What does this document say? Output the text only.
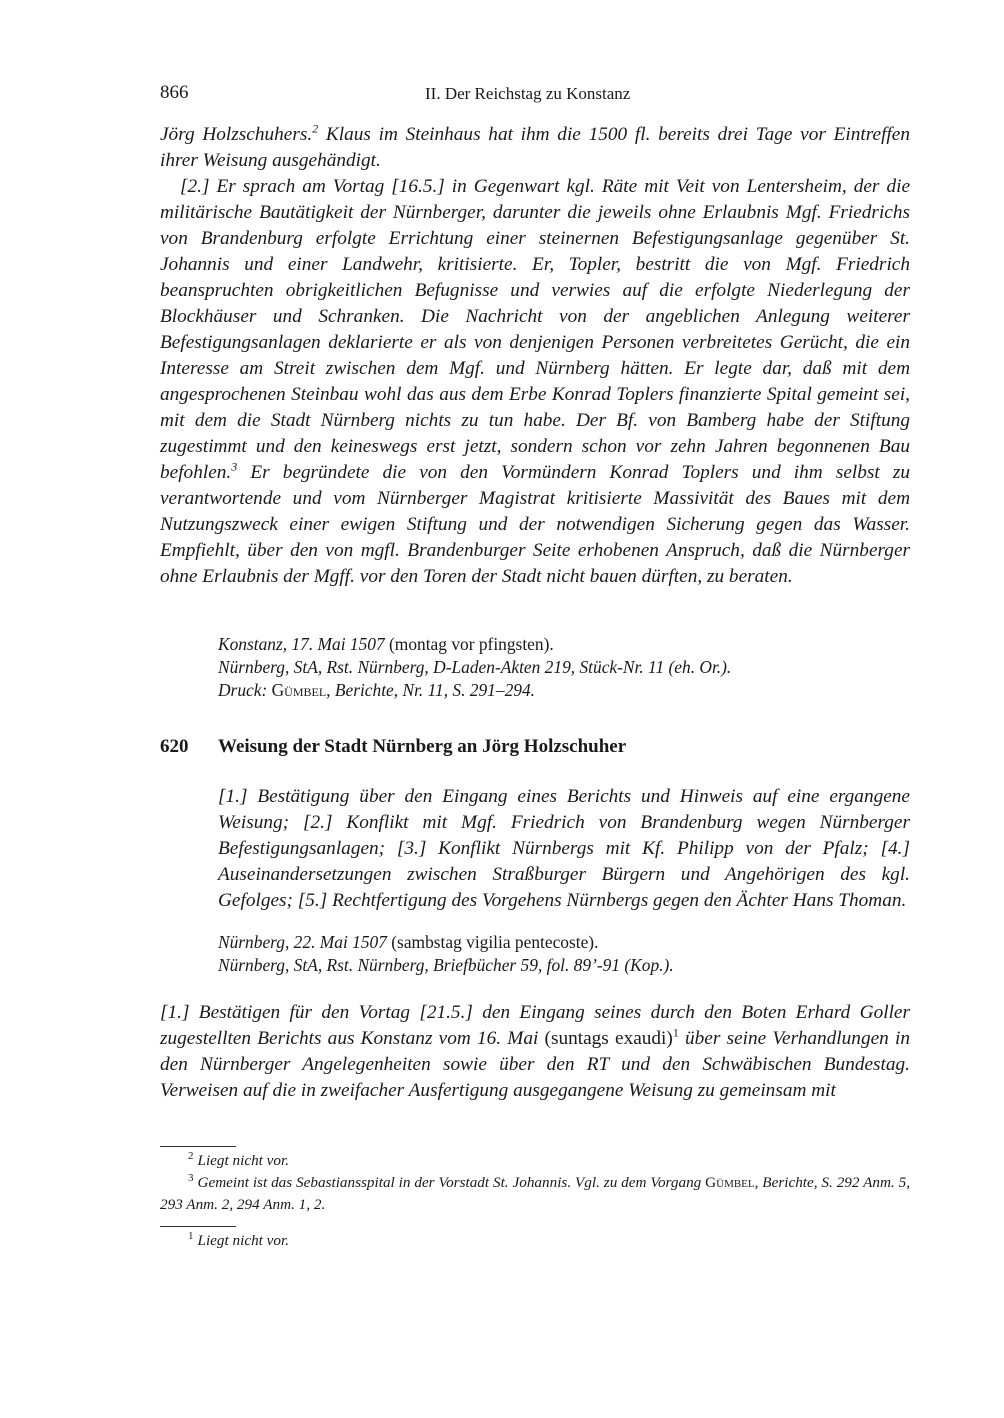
866	II. Der Reichstag zu Konstanz

Jörg Holzschuhers.$^2$ Klaus im Steinhaus hat ihm die 1500 fl. bereits drei Tage vor Eintreffen ihrer Weisung ausgehändigt.

[2.] Er sprach am Vortag [16.5.] in Gegenwart kgl. Räte mit Veit von Lentersheim, der die militärische Bautätigkeit der Nürnberger, darunter die jeweils ohne Erlaubnis Mgf. Friedrichs von Brandenburg erfolgte Errichtung einer steinernen Befestigungsanlage gegenüber St. Johannis und einer Landwehr, kritisierte. Er, Topler, bestritt die von Mgf. Friedrich beanspruchten obrigkeitlichen Befugnisse und verwies auf die erfolgte Niederlegung der Blockhäuser und Schranken. Die Nachricht von der angeblichen Anlegung weiterer Befestigungsanlagen deklarierte er als von denjenigen Personen verbreitetes Gerücht, die ein Interesse am Streit zwischen dem Mgf. und Nürnberg hätten. Er legte dar, daß mit dem angesprochenen Steinbau wohl das aus dem Erbe Konrad Toplers finanzierte Spital gemeint sei, mit dem die Stadt Nürnberg nichts zu tun habe. Der Bf. von Bamberg habe der Stiftung zugestimmt und den keineswegs erst jetzt, sondern schon vor zehn Jahren begonnenen Bau befohlen.$^3$ Er begründete die von den Vormündern Konrad Toplers und ihm selbst zu verantwortende und vom Nürnberger Magistrat kritisierte Massivität des Baues mit dem Nutzungszweck einer ewigen Stiftung und der notwendigen Sicherung gegen das Wasser. Empfiehlt, über den von mgfl. Brandenburger Seite erhobenen Anspruch, daß die Nürnberger ohne Erlaubnis der Mgff. vor den Toren der Stadt nicht bauen dürften, zu beraten.

Konstanz, 17. Mai 1507 (montag vor pfingsten).
Nürnberg, StA, Rst. Nürnberg, D-Laden-Akten 219, Stück-Nr. 11 (eh. Or.).
Druck: Gümbel, Berichte, Nr. 11, S. 291–294.
620 Weisung der Stadt Nürnberg an Jörg Holzschuher

[1.] Bestätigung über den Eingang eines Berichts und Hinweis auf eine ergangene Weisung; [2.] Konflikt mit Mgf. Friedrich von Brandenburg wegen Nürnberger Befestigungsanlagen; [3.] Konflikt Nürnbergs mit Kf. Philipp von der Pfalz; [4.] Auseinandersetzungen zwischen Straßburger Bürgern und Angehörigen des kgl. Gefolges; [5.] Rechtfertigung des Vorgehens Nürnbergs gegen den Ächter Hans Thoman.

Nürnberg, 22. Mai 1507 (sambstag vigilia pentecoste).
Nürnberg, StA, Rst. Nürnberg, Briefbücher 59, fol. 89’-91 (Kop.).

[1.] Bestätigen für den Vortag [21.5.] den Eingang seines durch den Boten Erhard Goller zugestellten Berichts aus Konstanz vom 16. Mai (suntags exaudi)$^1$ über seine Verhandlungen in den Nürnberger Angelegenheiten sowie über den RT und den Schwäbischen Bundestag. Verweisen auf die in zweifacher Ausfertigung ausgegangene Weisung zu gemeinsam mit

$^2$ Liegt nicht vor.

$^3$ Gemeint ist das Sebastiansspital in der Vorstadt St. Johannis. Vgl. zu dem Vorgang Gümbel, Berichte, S. 292 Anm. 5, 293 Anm. 2, 294 Anm. 1, 2.

$^1$ Liegt nicht vor.
